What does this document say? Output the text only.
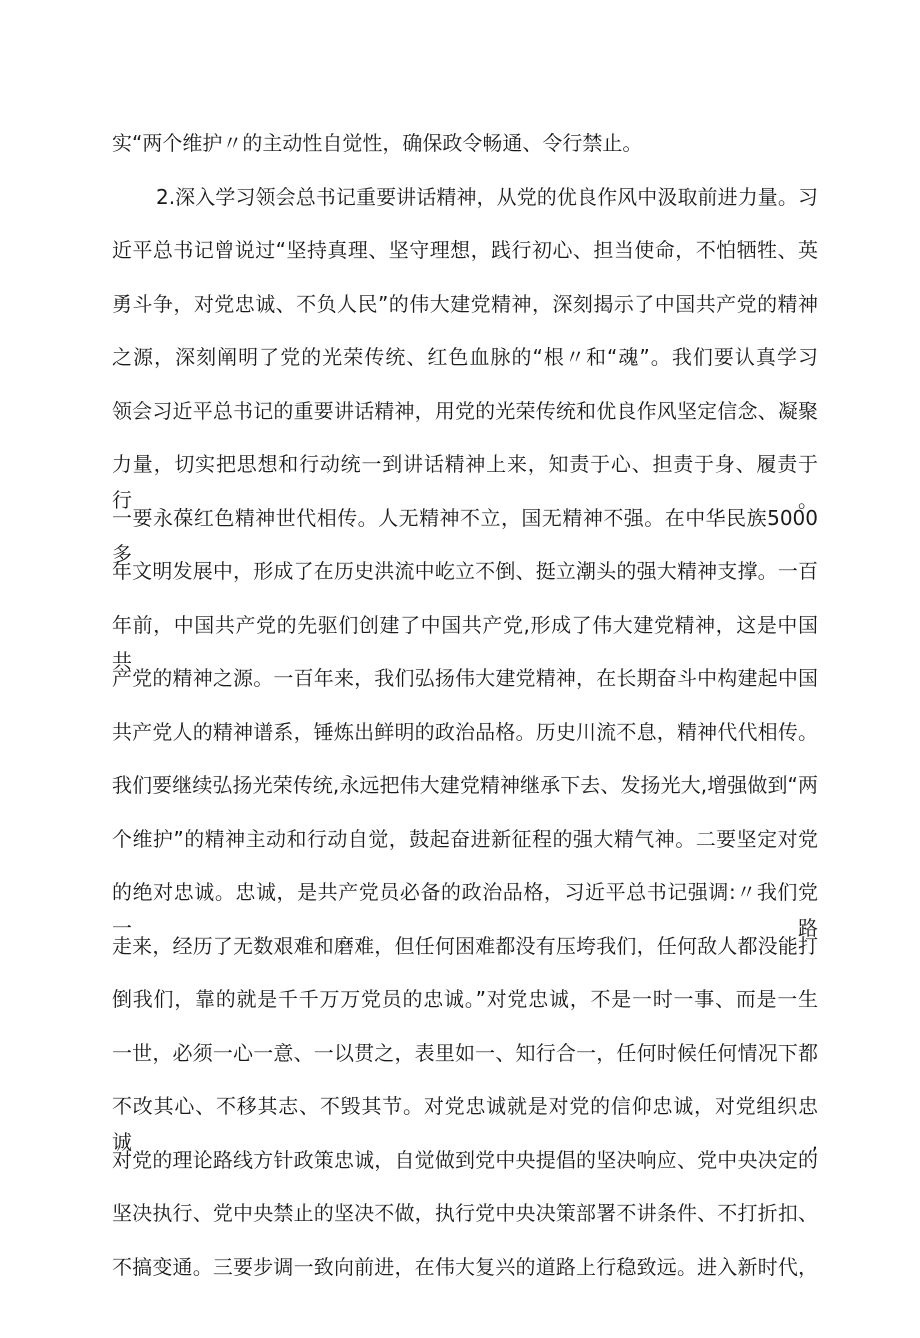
实“两个维护〃的主动性自觉性，确保政令畅通、令行禁止。
2.深入学习领会总书记重要讲话精神，从党的优良作风中汲取前进力量。习
近平总书记曾说过“坚持真理、坚守理想，践行初心、担当使命，不怕牺牲、英
勇斗争，对党忠诚、不负人民”的伟大建党精神，深刻揭示了中国共产党的精神
之源，深刻阐明了党的光荣传统、红色血脉的“根〃和“魂”。我们要认真学习
领会习近平总书记的重要讲话精神，用党的光荣传统和优良作风坚定信念、凝聚
力量，切实把思想和行动统一到讲话精神上来，知责于心、担责于身、履责于行。
一要永葆红色精神世代相传。人无精神不立，国无精神不强。在中华民族5000多
年文明发展中，形成了在历史洪流中屹立不倒、挺立潮头的强大精神支撑。一百
年前，中国共产党的先驱们创建了中国共产党,形成了伟大建党精神，这是中国共
产党的精神之源。一百年来，我们弘扬伟大建党精神，在长期奋斗中构建起中国
共产党人的精神谱系，锤炼出鲜明的政治品格。历史川流不息，精神代代相传。
我们要继续弘扬光荣传统,永远把伟大建党精神继承下去、发扬光大,增强做到“两
个维护”的精神主动和行动自觉，鼓起奋进新征程的强大精气神。二要坚定对党
的绝对忠诚。忠诚，是共产党员必备的政治品格，习近平总书记强调:〃我们党一路
走来，经历了无数艰难和磨难，但任何困难都没有压垮我们，任何敌人都没能打
倒我们，靠的就是千千万万党员的忠诚。”对党忠诚，不是一时一事、而是一生
一世，必须一心一意、一以贯之，表里如一、知行合一，任何时候任何情况下都
不改其心、不移其志、不毁其节。对党忠诚就是对党的信仰忠诚，对党组织忠诚,
对党的理论路线方针政策忠诚，自觉做到党中央提倡的坚决响应、党中央决定的
坚决执行、党中央禁止的坚决不做，执行党中央决策部署不讲条件、不打折扣、
不搞变通。三要步调一致向前进，在伟大复兴的道路上行稳致远。进入新时代，
